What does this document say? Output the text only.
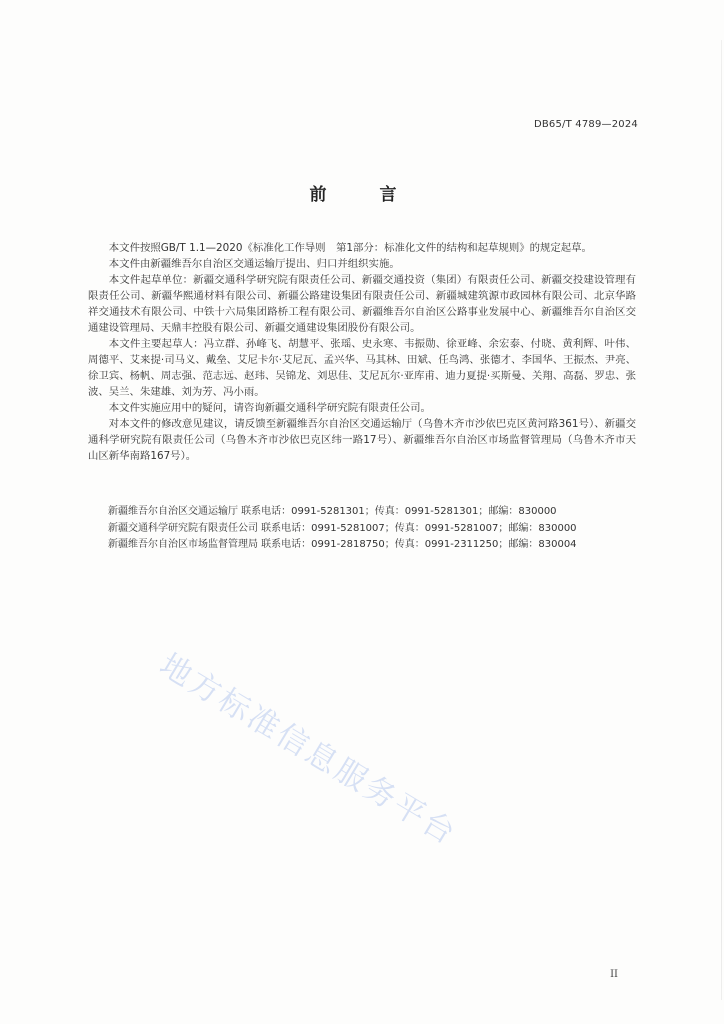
DB65/T 4789—2024
前　言

本文件按照GB/T 1.1—2020《标准化工作导则　第1部分：标准化文件的结构和起草规则》的规定起草。

本文件由新疆维吾尔自治区交通运输厅提出、归口并组织实施。

本文件起草单位：新疆交通科学研究院有限责任公司、新疆交通投资（集团）有限责任公司、新疆交投建设管理有限责任公司、新疆华熙通材料有限公司、新疆公路建设集团有限责任公司、新疆城建筑源市政园林有限公司、北京华路祥交通技术有限公司、中铁十六局集团路桥工程有限公司、新疆维吾尔自治区公路事业发展中心、新疆维吾尔自治区交通建设管理局、天鼎丰控股有限公司、新疆交通建设集团股份有限公司。

本文件主要起草人：冯立群、孙峰飞、胡慧平、张瑶、史永寒、韦振勋、徐亚峰、余宏泰、付晓、黄利辉、叶伟、周德平、艾来提·司马义、戴垒、艾尼卡尔·艾尼瓦、孟兴华、马其林、田斌、任鸟鸿、张德才、李国华、王振杰、尹亮、徐卫宾、杨帆、周志强、范志远、赵玮、吴锦龙、刘思佳、艾尼瓦尔·亚库甫、迪力夏提·买斯曼、关翔、高磊、罗忠、张波、吴兰、朱建雄、刘为芳、冯小雨。

本文件实施应用中的疑问，请咨询新疆交通科学研究院有限责任公司。

对本文件的修改意见建议，请反馈至新疆维吾尔自治区交通运输厅（乌鲁木齐市沙依巴克区黄河路361号）、新疆交通科学研究院有限责任公司（乌鲁木齐市沙依巴克区纬一路17号）、新疆维吾尔自治区市场监督管理局（乌鲁木齐市天山区新华南路167号）。

新疆维吾尔自治区交通运输厅 联系电话：0991-5281301；传真：0991-5281301；邮编：830000

新疆交通科学研究院有限责任公司 联系电话：0991-5281007；传真：0991-5281007；邮编：830000

新疆维吾尔自治区市场监督管理局 联系电话：0991-2818750；传真：0991-2311250；邮编：830004

地方标准信息服务平台
II
